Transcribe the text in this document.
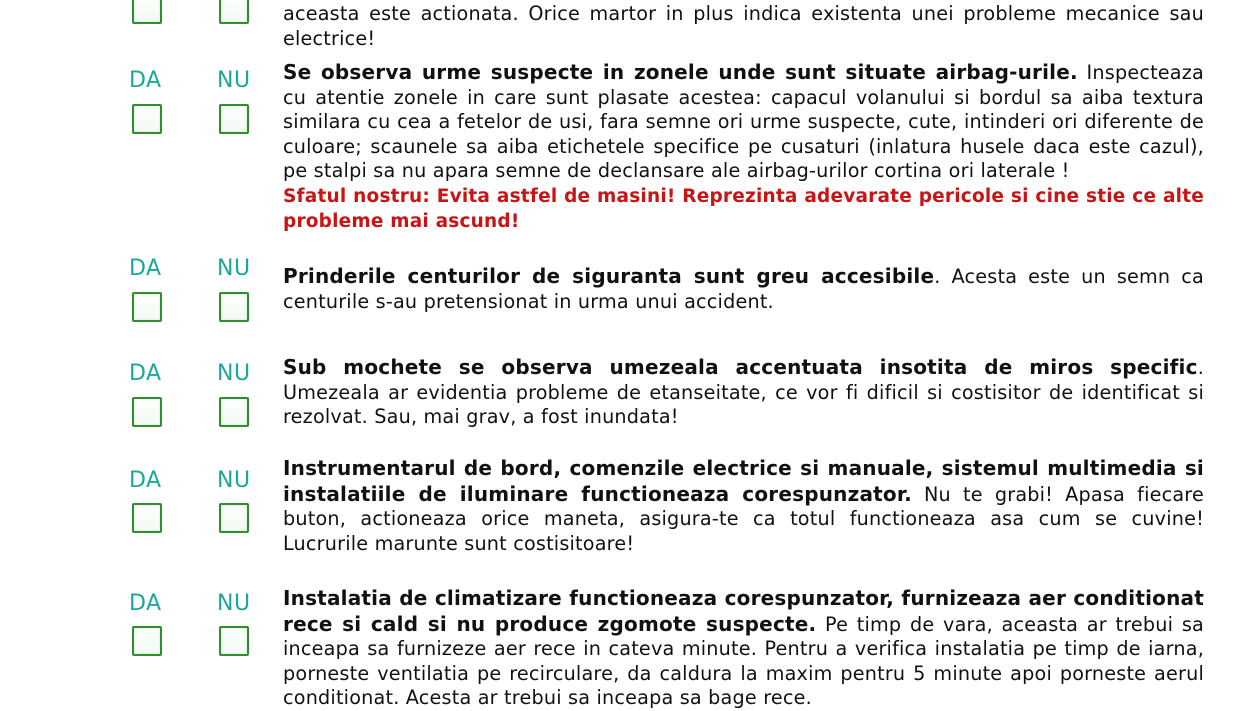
aceasta este actionata. Orice martor in plus indica existenta unei probleme mecanice sau electrice!
DA	NU Se observa urme suspecte in zonele unde sunt situate airbag-urile. Inspecteaza cu atentie zonele in care sunt plasate acestea: capacul volanului si bordul sa aiba textura similara cu cea a fetelor de usi, fara semne ori urme suspecte, cute, intinderi ori diferente de culoare; scaunele sa aiba etichetele specifice pe cusaturi (inlatura husele daca este cazul), pe stalpi sa nu apara semne de declansare ale airbag-urilor cortina ori laterale !
Sfatul nostru: Evita astfel de masini! Reprezinta adevarate pericole si cine stie ce alte probleme mai ascund!
DA	NU Prinderile centurilor de siguranta sunt greu accesibile. Acesta este un semn ca centurile s-au pretensionat in urma unui accident.
DA	NU Sub mochete se observa umezeala accentuata insotita de miros specific. Umezeala ar evidentia probleme de etanseitate, ce vor fi dificil si costisitor de identificat si rezolvat. Sau, mai grav, a fost inundata!
DA	NU Instrumentarul de bord, comenzile electrice si manuale, sistemul multimedia si instalatiile de iluminare functioneaza corespunzator. Nu te grabi! Apasa fiecare buton, actioneaza orice maneta, asigura-te ca totul functioneaza asa cum se cuvine! Lucrurile marunte sunt costisitoare!
DA	NU Instalatia de climatizare functioneaza corespunzator, furnizeaza aer conditionat rece si cald si nu produce zgomote suspecte. Pe timp de vara, aceasta ar trebui sa inceapa sa furnizeze aer rece in cateva minute. Pentru a verifica instalatia pe timp de iarna, porneste ventilatia pe recirculare, da caldura la maxim pentru 5 minute apoi porneste aerul conditionat. Acesta ar trebui sa inceapa sa bage rece.
